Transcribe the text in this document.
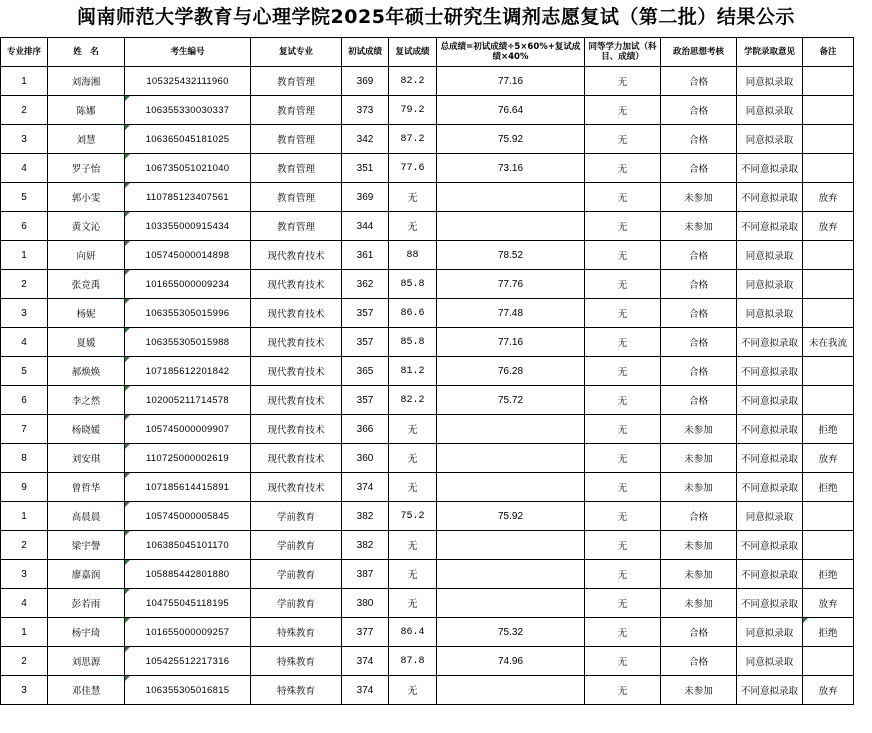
闽南师范大学教育与心理学院2025年硕士研究生调剂志愿复试（第二批）结果公示
专业排序	姓　名	考生编号	复试专业	初试成绩	复试成绩	总成绩=初试成绩÷5×60%+复试成绩×40%	同等学力加试（科目、成绩）	政治思想考核	学院录取意见	备注
1	刘海湘	105325432111960	教育管理	369	82.2	77.16	无	合格	同意拟录取	
2	陈娜	106355330030337	教育管理	373	79.2	76.64	无	合格	同意拟录取	
3	刘慧	106365045181025	教育管理	342	87.2	75.92	无	合格	同意拟录取	
4	罗子怡	106735051021040	教育管理	351	77.6	73.16	无	合格	不同意拟录取	
5	郭小雯	110785123407561	教育管理	369	无		无	未参加	不同意拟录取	放弃
6	黄文沁	103355000915434	教育管理	344	无		无	未参加	不同意拟录取	放弃
1	向妍	105745000014898	现代教育技术	361	88	78.52	无	合格	同意拟录取	
2	张竞禹	101655000009234	现代教育技术	362	85.8	77.76	无	合格	同意拟录取	
3	杨妮	106355305015996	现代教育技术	357	86.6	77.48	无	合格	同意拟录取	
4	夏媛	106355305015988	现代教育技术	357	85.8	77.16	无	合格	不同意拟录取	未在我流
5	郝焕焕	107185612201842	现代教育技术	365	81.2	76.28	无	合格	不同意拟录取	
6	李之然	102005211714578	现代教育技术	357	82.2	75.72	无	合格	不同意拟录取	
7	杨晓媛	105745000009907	现代教育技术	366	无		无	未参加	不同意拟录取	拒绝
8	刘安琪	110725000002619	现代教育技术	360	无		无	未参加	不同意拟录取	放弃
9	曾哲华	107185614415891	现代教育技术	374	无		无	未参加	不同意拟录取	拒绝
1	高晨晨	105745000005845	学前教育	382	75.2	75.92	无	合格	同意拟录取	
2	梁宇謦	106385045101170	学前教育	382	无		无	未参加	不同意拟录取	
3	廖嘉润	105885442801880	学前教育	387	无		无	未参加	不同意拟录取	拒绝
4	彭若雨	104755045118195	学前教育	380	无		无	未参加	不同意拟录取	放弃
1	杨宇琦	101655000009257	特殊教育	377	86.4	75.32	无	合格	同意拟录取	拒绝
2	刘思源	105425512217316	特殊教育	374	87.8	74.96	无	合格	同意拟录取	
3	邓佳慧	106355305016815	特殊教育	374	无		无	未参加	不同意拟录取	放弃
